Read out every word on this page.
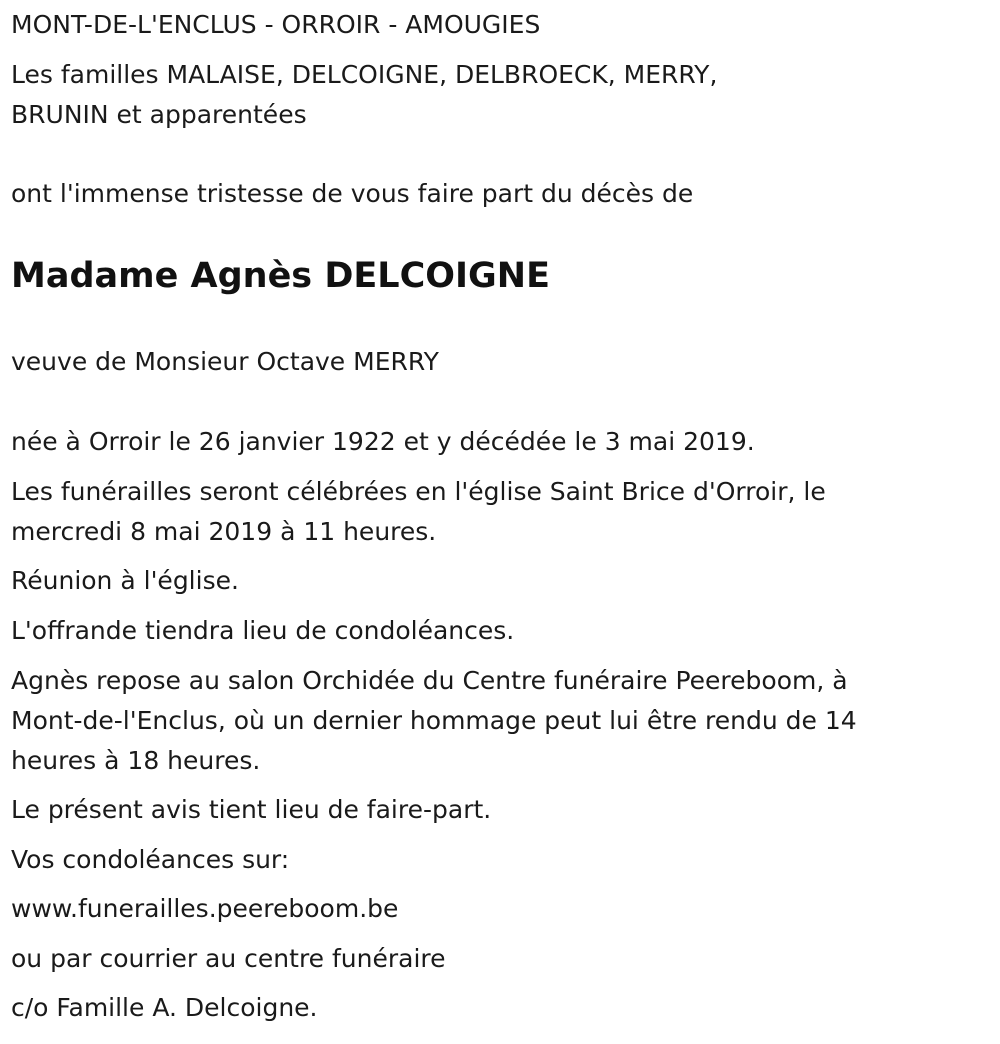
MONT-DE-L'ENCLUS - ORROIR - AMOUGIES

Les familles MALAISE, DELCOIGNE, DELBROECK, MERRY,
BRUNIN et apparentées

ont l'immense tristesse de vous faire part du décès de

Madame Agnès DELCOIGNE

veuve de Monsieur Octave MERRY

née à Orroir le 26 janvier 1922 et y décédée le 3 mai 2019.

Les funérailles seront célébrées en l'église Saint Brice d'Orroir, le
mercredi 8 mai 2019 à 11 heures.

Réunion à l'église.

L'offrande tiendra lieu de condoléances.

Agnès repose au salon Orchidée du Centre funéraire Peereboom, à
Mont-de-l'Enclus, où un dernier hommage peut lui être rendu de 14
heures à 18 heures.

Le présent avis tient lieu de faire-part.

Vos condoléances sur:

www.funerailles.peereboom.be

ou par courrier au centre funéraire

c/o Famille A. Delcoigne.
